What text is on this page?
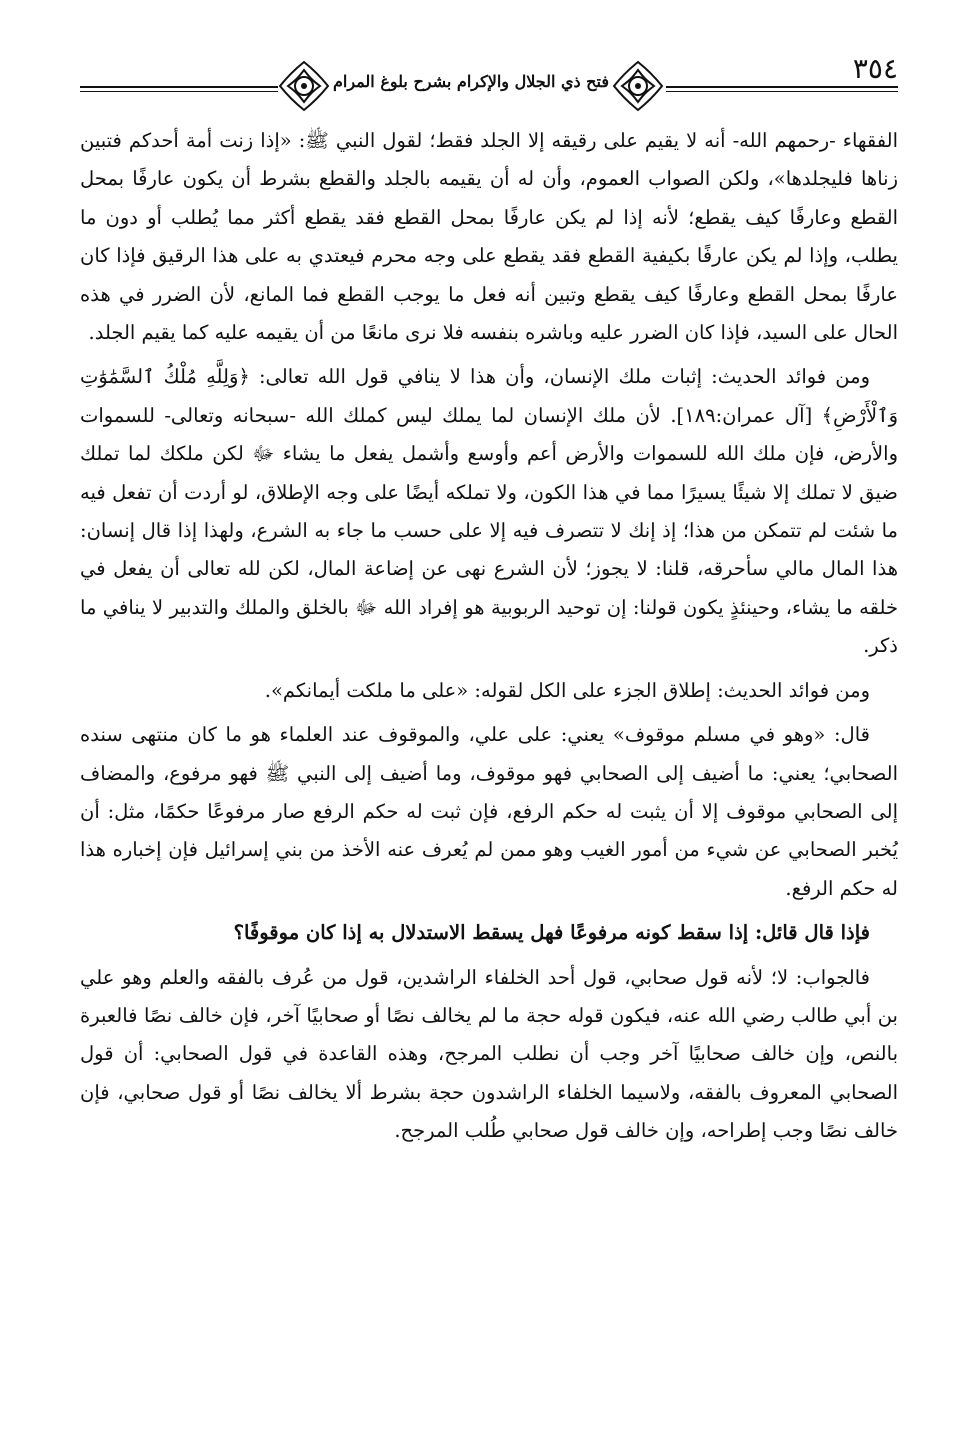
٣٥٤
فتح ذي الجلال والإكرام بشرح بلوغ المرام

الفقهاء -رحمهم الله- أنه لا يقيم على رقيقه إلا الجلد فقط؛ لقول النبي ﷺ: «إذا زنت أمة أحدكم فتبين زناها فليجلدها»، ولكن الصواب العموم، وأن له أن يقيمه بالجلد والقطع بشرط أن يكون عارفًا بمحل القطع وعارفًا كيف يقطع؛ لأنه إذا لم يكن عارفًا بمحل القطع فقد يقطع أكثر مما يُطلب أو دون ما يطلب، وإذا لم يكن عارفًا بكيفية القطع فقد يقطع على وجه محرم فيعتدي به على هذا الرقيق فإذا كان عارفًا بمحل القطع وعارفًا كيف يقطع وتبين أنه فعل ما يوجب القطع فما المانع، لأن الضرر في هذه الحال على السيد، فإذا كان الضرر عليه وباشره بنفسه فلا نرى مانعًا من أن يقيمه عليه كما يقيم الجلد.

ومن فوائد الحديث: إثبات ملك الإنسان، وأن هذا لا ينافي قول الله تعالى: ﴿وَلِلَّهِ مُلْكُ ٱلسَّمَٰوَٰتِ وَٱلْأَرْضِ﴾ [آل عمران:١٨٩]. لأن ملك الإنسان لما يملك ليس كملك الله -سبحانه وتعالى- للسموات والأرض، فإن ملك الله للسموات والأرض أعم وأوسع وأشمل يفعل ما يشاء ﷻ لكن ملكك لما تملك ضيق لا تملك إلا شيئًا يسيرًا مما في هذا الكون، ولا تملكه أيضًا على وجه الإطلاق، لو أردت أن تفعل فيه ما شئت لم تتمكن من هذا؛ إذ إنك لا تتصرف فيه إلا على حسب ما جاء به الشرع، ولهذا إذا قال إنسان: هذا المال مالي سأحرقه، قلنا: لا يجوز؛ لأن الشرع نهى عن إضاعة المال، لكن لله تعالى أن يفعل في خلقه ما يشاء، وحينئذٍ يكون قولنا: إن توحيد الربوبية هو إفراد الله ﷻ بالخلق والملك والتدبير لا ينافي ما ذكر.

ومن فوائد الحديث: إطلاق الجزء على الكل لقوله: «على ما ملكت أيمانكم».

قال: «وهو في مسلم موقوف» يعني: على علي، والموقوف عند العلماء هو ما كان منتهى سنده الصحابي؛ يعني: ما أضيف إلى الصحابي فهو موقوف، وما أضيف إلى النبي ﷺ فهو مرفوع، والمضاف إلى الصحابي موقوف إلا أن يثبت له حكم الرفع، فإن ثبت له حكم الرفع صار مرفوعًا حكمًا، مثل: أن يُخبر الصحابي عن شيء من أمور الغيب وهو ممن لم يُعرف عنه الأخذ من بني إسرائيل فإن إخباره هذا له حكم الرفع.

فإذا قال قائل: إذا سقط كونه مرفوعًا فهل يسقط الاستدلال به إذا كان موقوفًا؟

فالجواب: لا؛ لأنه قول صحابي، قول أحد الخلفاء الراشدين، قول من عُرف بالفقه والعلم وهو علي بن أبي طالب رضي الله عنه، فيكون قوله حجة ما لم يخالف نصًا أو صحابيًا آخر، فإن خالف نصًا فالعبرة بالنص، وإن خالف صحابيًا آخر وجب أن نطلب المرجح، وهذه القاعدة في قول الصحابي: أن قول الصحابي المعروف بالفقه، ولاسيما الخلفاء الراشدون حجة بشرط ألا يخالف نصًا أو قول صحابي، فإن خالف نصًا وجب إطراحه، وإن خالف قول صحابي طُلب المرجح.
